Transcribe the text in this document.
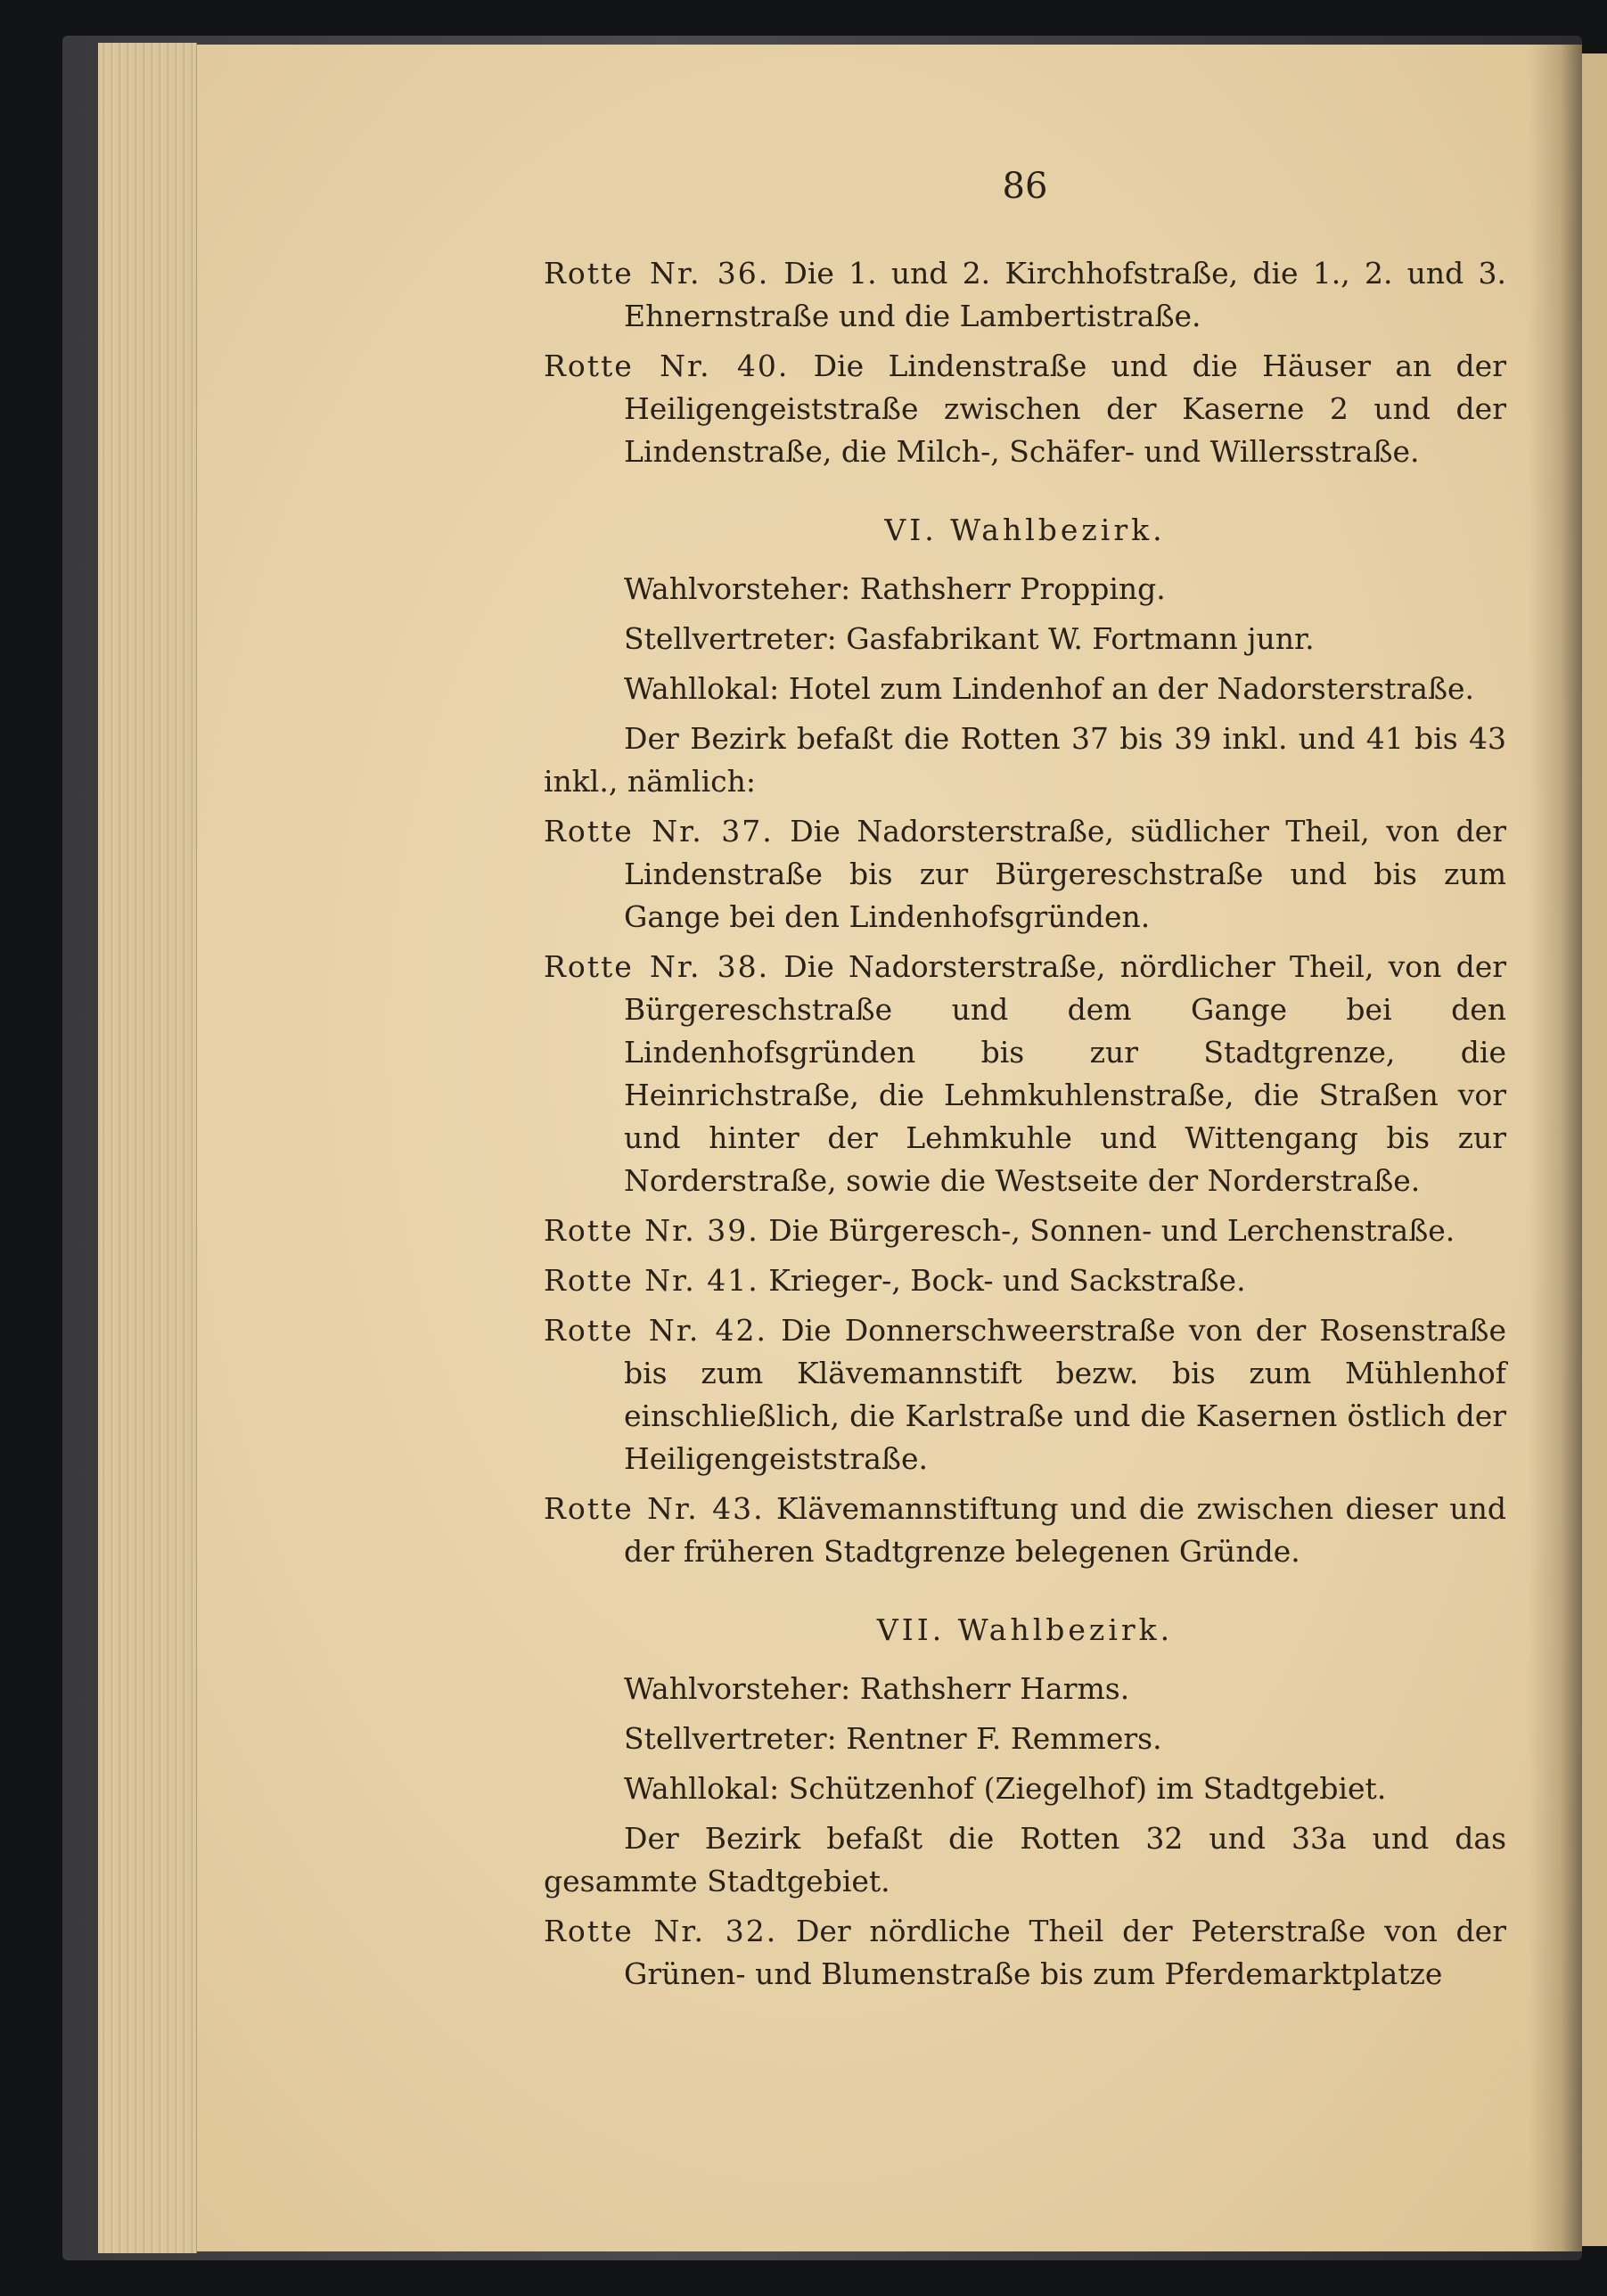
86
Rotte Nr. 36. Die 1. und 2. Kirchhofstraße, die 1., 2. und 3. Ehnernstraße und die Lambertistraße.
Rotte Nr. 40. Die Lindenstraße und die Häuser an der Heiligengeiststraße zwischen der Kaserne 2 und der Lindenstraße, die Milch-, Schäfer- und Willersstraße.
VI. Wahlbezirk.
Wahlvorsteher: Rathsherr Propping.
Stellvertreter: Gasfabrikant W. Fortmann junr.
Wahllokal: Hotel zum Lindenhof an der Nadorsterstraße.
Der Bezirk befaßt die Rotten 37 bis 39 inkl. und 41 bis 43 inkl., nämlich:
Rotte Nr. 37. Die Nadorsterstraße, südlicher Theil, von der Lindenstraße bis zur Bürgereschstraße und bis zum Gange bei den Lindenhofsgründen.
Rotte Nr. 38. Die Nadorsterstraße, nördlicher Theil, von der Bürgereschstraße und dem Gange bei den Lindenhofsgründen bis zur Stadtgrenze, die Heinrichstraße, die Lehmkuhlenstraße, die Straßen vor und hinter der Lehmkuhle und Wittengang bis zur Norderstraße, sowie die Westseite der Norderstraße.
Rotte Nr. 39. Die Bürgeresch-, Sonnen- und Lerchenstraße.
Rotte Nr. 41. Krieger-, Bock- und Sackstraße.
Rotte Nr. 42. Die Donnerschweerstraße von der Rosenstraße bis zum Klävemannstift bezw. bis zum Mühlenhof einschließlich, die Karlstraße und die Kasernen östlich der Heiligengeiststraße.
Rotte Nr. 43. Klävemannstiftung und die zwischen dieser und der früheren Stadtgrenze belegenen Gründe.
VII. Wahlbezirk.
Wahlvorsteher: Rathsherr Harms.
Stellvertreter: Rentner F. Remmers.
Wahllokal: Schützenhof (Ziegelhof) im Stadtgebiet.
Der Bezirk befaßt die Rotten 32 und 33a und das gesammte Stadtgebiet.
Rotte Nr. 32. Der nördliche Theil der Peterstraße von der Grünen- und Blumenstraße bis zum Pferdemarktplatze
